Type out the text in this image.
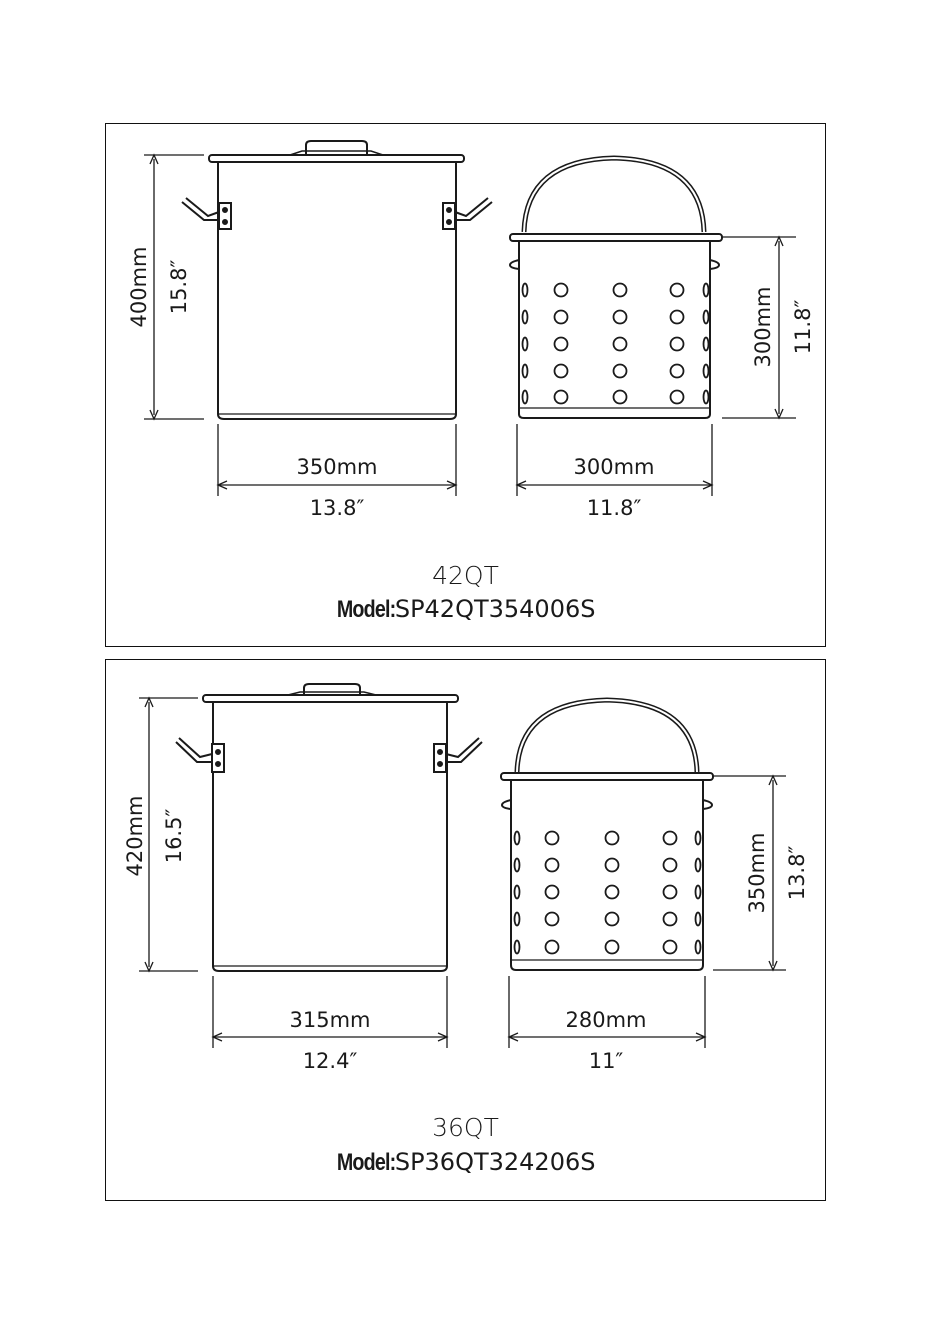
400mm 15.8″	300mm 11.8″
350mm
13.8″
300mm
11.8″
42QT
Model:SP42QT354006S
420mm 16.5″	350mm 13.8″
315mm
12.4″
280mm
11″
36QT
Model:SP36QT324206S
